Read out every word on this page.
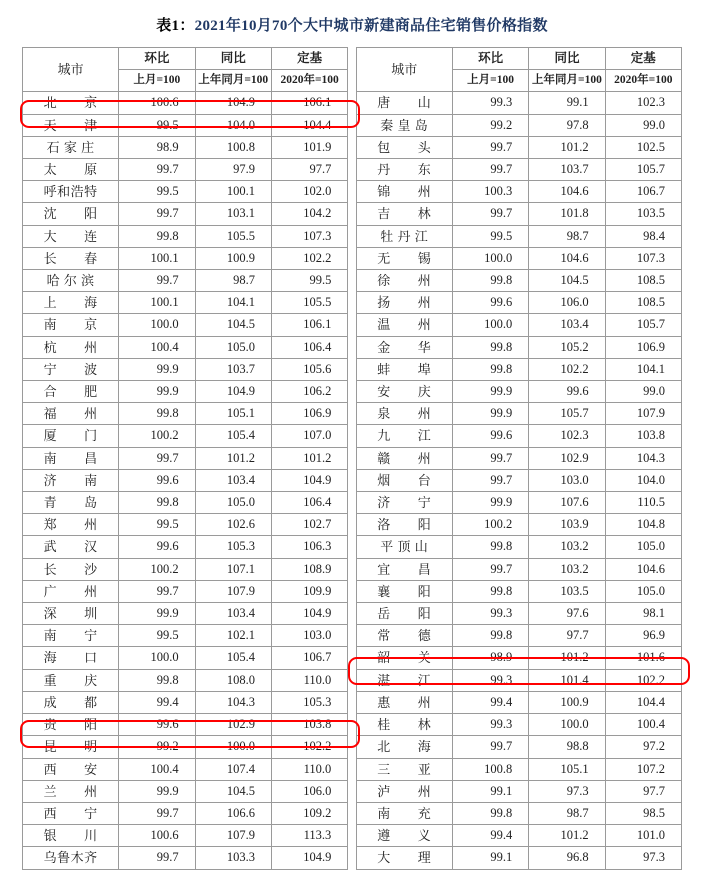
表1：2021年10月70个大中城市新建商品住宅销售价格指数
城市	环比	同比	定基		城市	环比	同比	定基
	上月=100	上年同月=100	2020年=100			上月=100	上年同月=100	2020年=100
北　　京	100.6	104.9	106.1		唐　　山	99.3	99.1	102.3
天　　津	99.5	104.0	104.4		秦 皇 岛	99.2	97.8	99.0
石 家 庄	98.9	100.8	101.9		包　　头	99.7	101.2	102.5
太　　原	99.7	97.9	97.7		丹　　东	99.7	103.7	105.7
呼和浩特	99.5	100.1	102.0		锦　　州	100.3	104.6	106.7
沈　　阳	99.7	103.1	104.2		吉　　林	99.7	101.8	103.5
大　　连	99.8	105.5	107.3		牡 丹 江	99.5	98.7	98.4
长　　春	100.1	100.9	102.2		无　　锡	100.0	104.6	107.3
哈 尔 滨	99.7	98.7	99.5		徐　　州	99.8	104.5	108.5
上　　海	100.1	104.1	105.5		扬　　州	99.6	106.0	108.5
南　　京	100.0	104.5	106.1		温　　州	100.0	103.4	105.7
杭　　州	100.4	105.0	106.4		金　　华	99.8	105.2	106.9
宁　　波	99.9	103.7	105.6		蚌　　埠	99.8	102.2	104.1
合　　肥	99.9	104.9	106.2		安　　庆	99.9	99.6	99.0
福　　州	99.8	105.1	106.9		泉　　州	99.9	105.7	107.9
厦　　门	100.2	105.4	107.0		九　　江	99.6	102.3	103.8
南　　昌	99.7	101.2	101.2		赣　　州	99.7	102.9	104.3
济　　南	99.6	103.4	104.9		烟　　台	99.7	103.0	104.0
青　　岛	99.8	105.0	106.4		济　　宁	99.9	107.6	110.5
郑　　州	99.5	102.6	102.7		洛　　阳	100.2	103.9	104.8
武　　汉	99.6	105.3	106.3		平 顶 山	99.8	103.2	105.0
长　　沙	100.2	107.1	108.9		宜　　昌	99.7	103.2	104.6
广　　州	99.7	107.9	109.9		襄　　阳	99.8	103.5	105.0
深　　圳	99.9	103.4	104.9		岳　　阳	99.3	97.6	98.1
南　　宁	99.5	102.1	103.0		常　　德	99.8	97.7	96.9
海　　口	100.0	105.4	106.7		韶　　关	98.9	101.2	101.6
重　　庆	99.8	108.0	110.0		湛　　江	99.3	101.4	102.2
成　　都	99.4	104.3	105.3		惠　　州	99.4	100.9	104.4
贵　　阳	99.6	102.9	103.8		桂　　林	99.3	100.0	100.4
昆　　明	99.2	100.0	102.2		北　　海	99.7	98.8	97.2
西　　安	100.4	107.4	110.0		三　　亚	100.8	105.1	107.2
兰　　州	99.9	104.5	106.0		泸　　州	99.1	97.3	97.7
西　　宁	99.7	106.6	109.2		南　　充	99.8	98.7	98.5
银　　川	100.6	107.9	113.3		遵　　义	99.4	101.2	101.0
乌鲁木齐	99.7	103.3	104.9		大　　理	99.1	96.8	97.3
